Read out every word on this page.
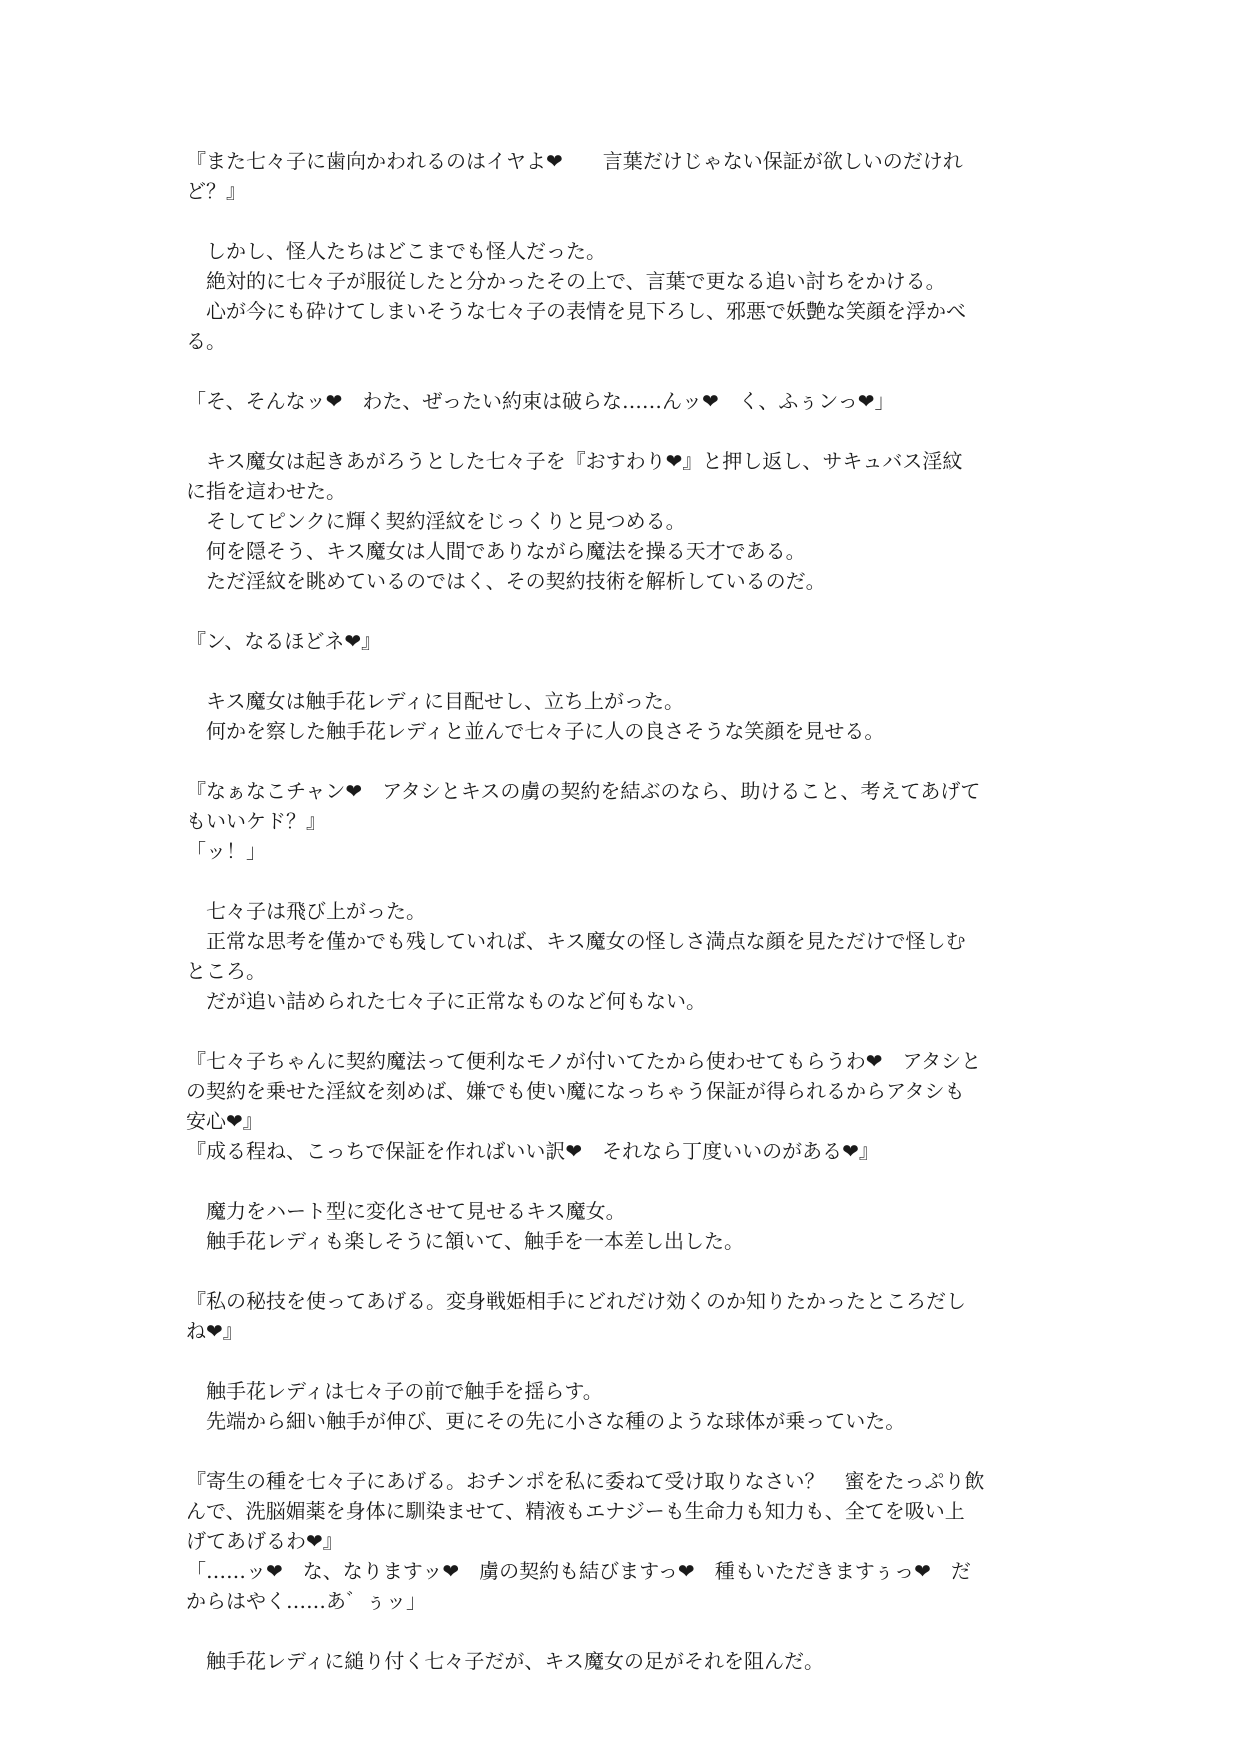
『また七々子に歯向かわれるのはイヤよ❤　　言葉だけじゃない保証が欲しいのだけれ
ど？』
　しかし、怪人たちはどこまでも怪人だった。
　絶対的に七々子が服従したと分かったその上で、言葉で更なる追い討ちをかける。
　心が今にも砕けてしまいそうな七々子の表情を見下ろし、邪悪で妖艶な笑顔を浮かべ
る。
「そ、そんなッ❤　わた、ぜったい約束は破らな‥‥‥んッ❤　く、ふぅンっ❤」
　キス魔女は起きあがろうとした七々子を『おすわり❤』と押し返し、サキュバス淫紋
に指を這わせた。
　そしてピンクに輝く契約淫紋をじっくりと見つめる。
　何を隠そう、キス魔女は人間でありながら魔法を操る天才である。
　ただ淫紋を眺めているのではく、その契約技術を解析しているのだ。
『ン、なるほどネ❤』
　キス魔女は触手花レディに目配せし、立ち上がった。
　何かを察した触手花レディと並んで七々子に人の良さそうな笑顔を見せる。
『なぁなこチャン❤　アタシとキスの虜の契約を結ぶのなら、助けること、考えてあげて
もいいケド？』
「ッ！」
　七々子は飛び上がった。
　正常な思考を僅かでも残していれば、キス魔女の怪しさ満点な顔を見ただけで怪しむ
ところ。
　だが追い詰められた七々子に正常なものなど何もない。
『七々子ちゃんに契約魔法って便利なモノが付いてたから使わせてもらうわ❤　アタシと
の契約を乗せた淫紋を刻めば、嫌でも使い魔になっちゃう保証が得られるからアタシも
安心❤』
『成る程ね、こっちで保証を作ればいい訳❤　それなら丁度いいのがある❤』
　魔力をハート型に変化させて見せるキス魔女。
　触手花レディも楽しそうに頷いて、触手を一本差し出した。
『私の秘技を使ってあげる。変身戦姫相手にどれだけ効くのか知りたかったところだし
ね❤』
　触手花レディは七々子の前で触手を揺らす。
　先端から細い触手が伸び、更にその先に小さな種のような球体が乗っていた。
『寄生の種を七々子にあげる。おチンポを私に委ねて受け取りなさい？　蜜をたっぷり飲
んで、洗脳媚薬を身体に馴染ませて、精液もエナジーも生命力も知力も、全てを吸い上
げてあげるわ❤』
「‥‥‥ッ❤　な、なりますッ❤　虜の契約も結びますっ❤　種もいただきますぅっ❤　だ
からはやく‥‥‥あ゛ぅッ」
　触手花レディに縋り付く七々子だが、キス魔女の足がそれを阻んだ。
